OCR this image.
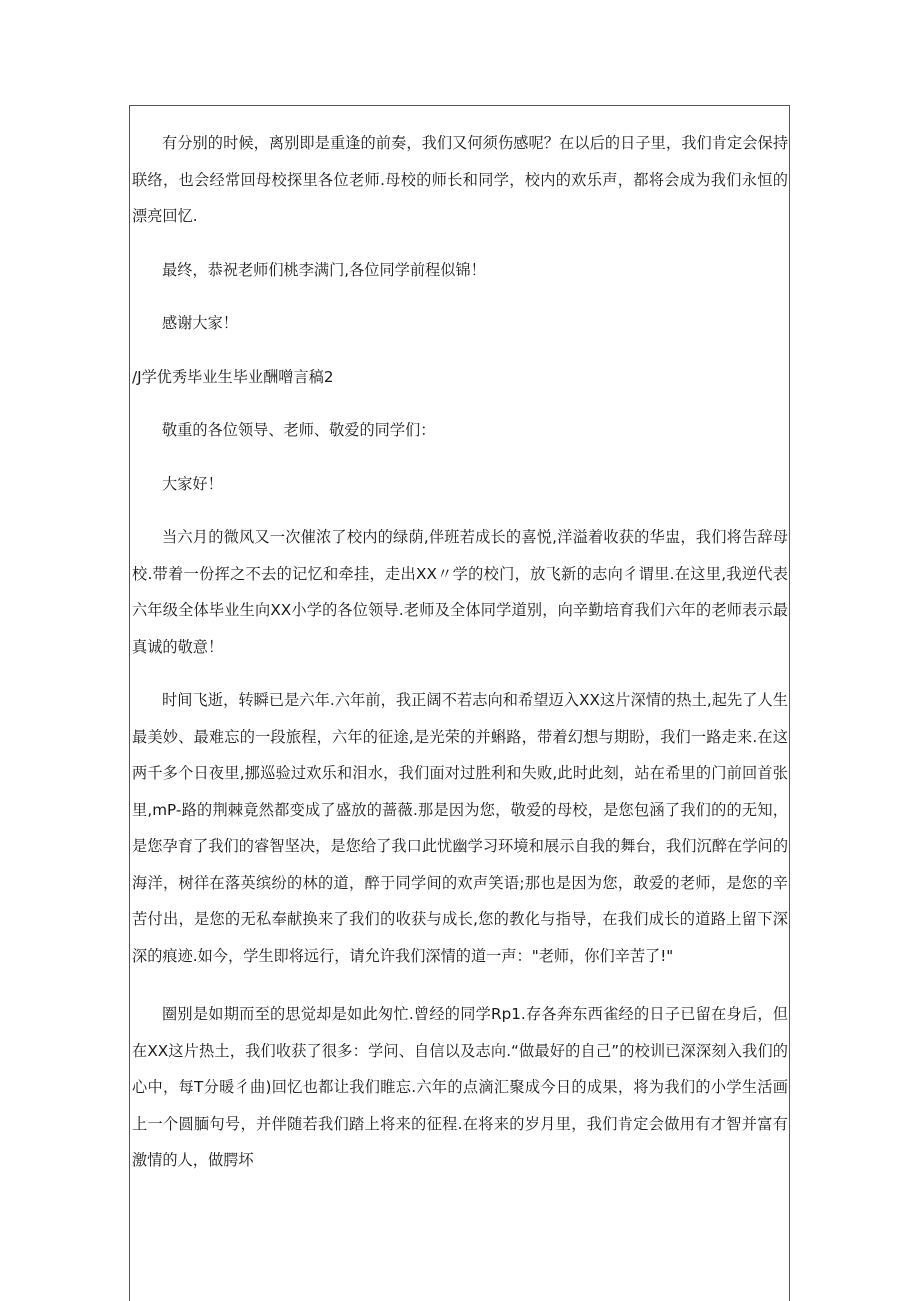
有分别的时候，离别即是重逢的前奏，我们又何须伤感呢？在以后的日子里，我们肯定会保持联络，也会经常回母校探里各位老师.母校的师长和同学，校内的欢乐声，都将会成为我们永恒的漂亮回忆.

最终，恭祝老师们桃李满门,各位同学前程似锦！

感谢大家！

/J学优秀毕业生毕业酬噌言稿2

敬重的各位领导、老师、敬爱的同学们：

大家好！

当六月的微风又一次催浓了校内的绿荫,伴班若成长的喜悦,洋溢着收获的华盅，我们将告辞母校.带着一份挥之不去的记忆和牵挂，走出XX〃学的校门，放飞新的志向彳谓里.在这里,我逆代表六年级全体毕业生向XX小学的各位领导.老师及全体同学道别，向辛勤培育我们六年的老师表示最真诚的敬意！

时间飞逝，转瞬已是六年.六年前，我正阔不若志向和希望迈入XX这片深情的热土,起先了人生最美妙、最难忘的一段旅程，六年的征途,是光荣的并蝌路，带着幻想与期盼，我们一路走来.在这两千多个日夜里,挪巡验过欢乐和泪水，我们面对过胜利和失败,此时此刻，站在希里的门前回首张里,mP-路的荆棘竟然都变成了盛放的蔷薇.那是因为您，敬爱的母校，是您包涵了我们的的无知，是您孕育了我们的睿智坚决，是您给了我口此忧幽学习环境和展示自我的舞台，我们沉醉在学问的海洋，树徉在落英缤纷的林的道，醉于同学间的欢声笑语;那也是因为您，敢爱的老师，是您的辛苦付出，是您的无私奉献换来了我们的收获与成长,您的教化与指导，在我们成长的道路上留下深深的痕迹.如今，学生即将远行，请允许我们深情的道一声："老师，你们辛苦了!"

圈别是如期而至的思觉却是如此匆忙.曾经的同学Rp1.存各奔东西雀经的日子已留在身后，但在XX这片热土，我们收获了很多：学问、自信以及志向.“做最好的自己”的校训已深深刻入我们的心中，每T分暖彳曲)回忆也都让我们睢忘.六年的点滴汇聚成今日的成果，将为我们的小学生活画上一个圆腼句号，并伴随若我们踏上将来的征程.在将来的岁月里，我们肯定会做用有才智并富有激情的人，做腭坏
